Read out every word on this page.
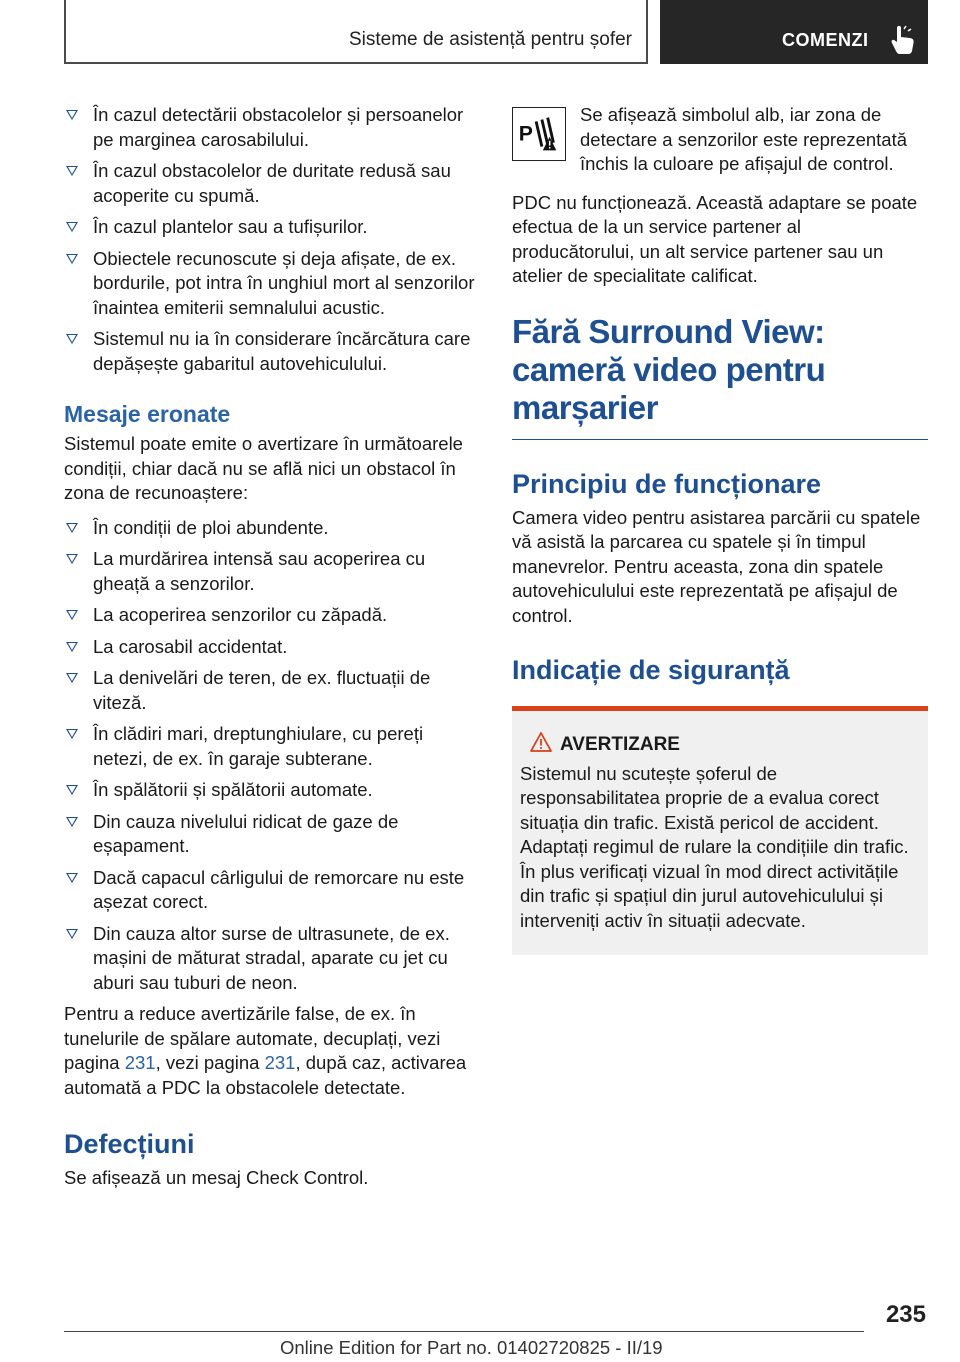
Sisteme de asistență pentru șofer	COMENZI
În cazul detectării obstacolelor și persoanelor pe marginea carosabilului.
În cazul obstacolelor de duritate redusă sau acoperite cu spumă.
În cazul plantelor sau a tufișurilor.
Obiectele recunoscute și deja afișate, de ex. bordurile, pot intra în unghiul mort al senzorilor înaintea emiterii semnalului acustic.
Sistemul nu ia în considerare încărcătura care depășește gabaritul autovehiculului.
Mesaje eronate

Sistemul poate emite o avertizare în următoarele condiții, chiar dacă nu se află nici un obstacol în zona de recunoaștere:

În condiții de ploi abundente.
La murdărirea intensă sau acoperirea cu gheață a senzorilor.
La acoperirea senzorilor cu zăpadă.
La carosabil accidentat.
La denivelări de teren, de ex. fluctuații de viteză.
În clădiri mari, dreptunghiulare, cu pereți netezi, de ex. în garaje subterane.
În spălătorii și spălătorii automate.
Din cauza nivelului ridicat de gaze de eșapament.
Dacă capacul cârligului de remorcare nu este așezat corect.
Din cauza altor surse de ultrasunete, de ex. mașini de măturat stradal, aparate cu jet cu aburi sau tuburi de neon.

Pentru a reduce avertizările false, de ex. în tunelurile de spălare automate, decuplați, vezi pagina 231, vezi pagina 231, după caz, activarea automată a PDC la obstacolele detectate.

Defecțiuni

Se afișează un mesaj Check Control.

P

Se afișează simbolul alb, iar zona de detectare a senzorilor este reprezentată închis la culoare pe afișajul de control.

PDC nu funcționează. Această adaptare se poate efectua de la un service partener al producătorului, un alt service partener sau un atelier de specialitate calificat.

Fără Surround View: cameră video pentru marșarier
Principiu de funcționare

Camera video pentru asistarea parcării cu spatele vă asistă la parcarea cu spatele și în timpul manevrelor. Pentru aceasta, zona din spatele autovehiculului este reprezentată pe afișajul de control.

Indicație de siguranță
AVERTIZARE

Sistemul nu scutește șoferul de responsabilitatea proprie de a evalua corect situația din trafic. Există pericol de accident. Adaptați regimul de rulare la condițiile din trafic. În plus verificați vizual în mod direct activitățile din trafic și spațiul din jurul autovehiculului și interveniți activ în situații adecvate.

235
Online Edition for Part no. 01402720825 - II/19
